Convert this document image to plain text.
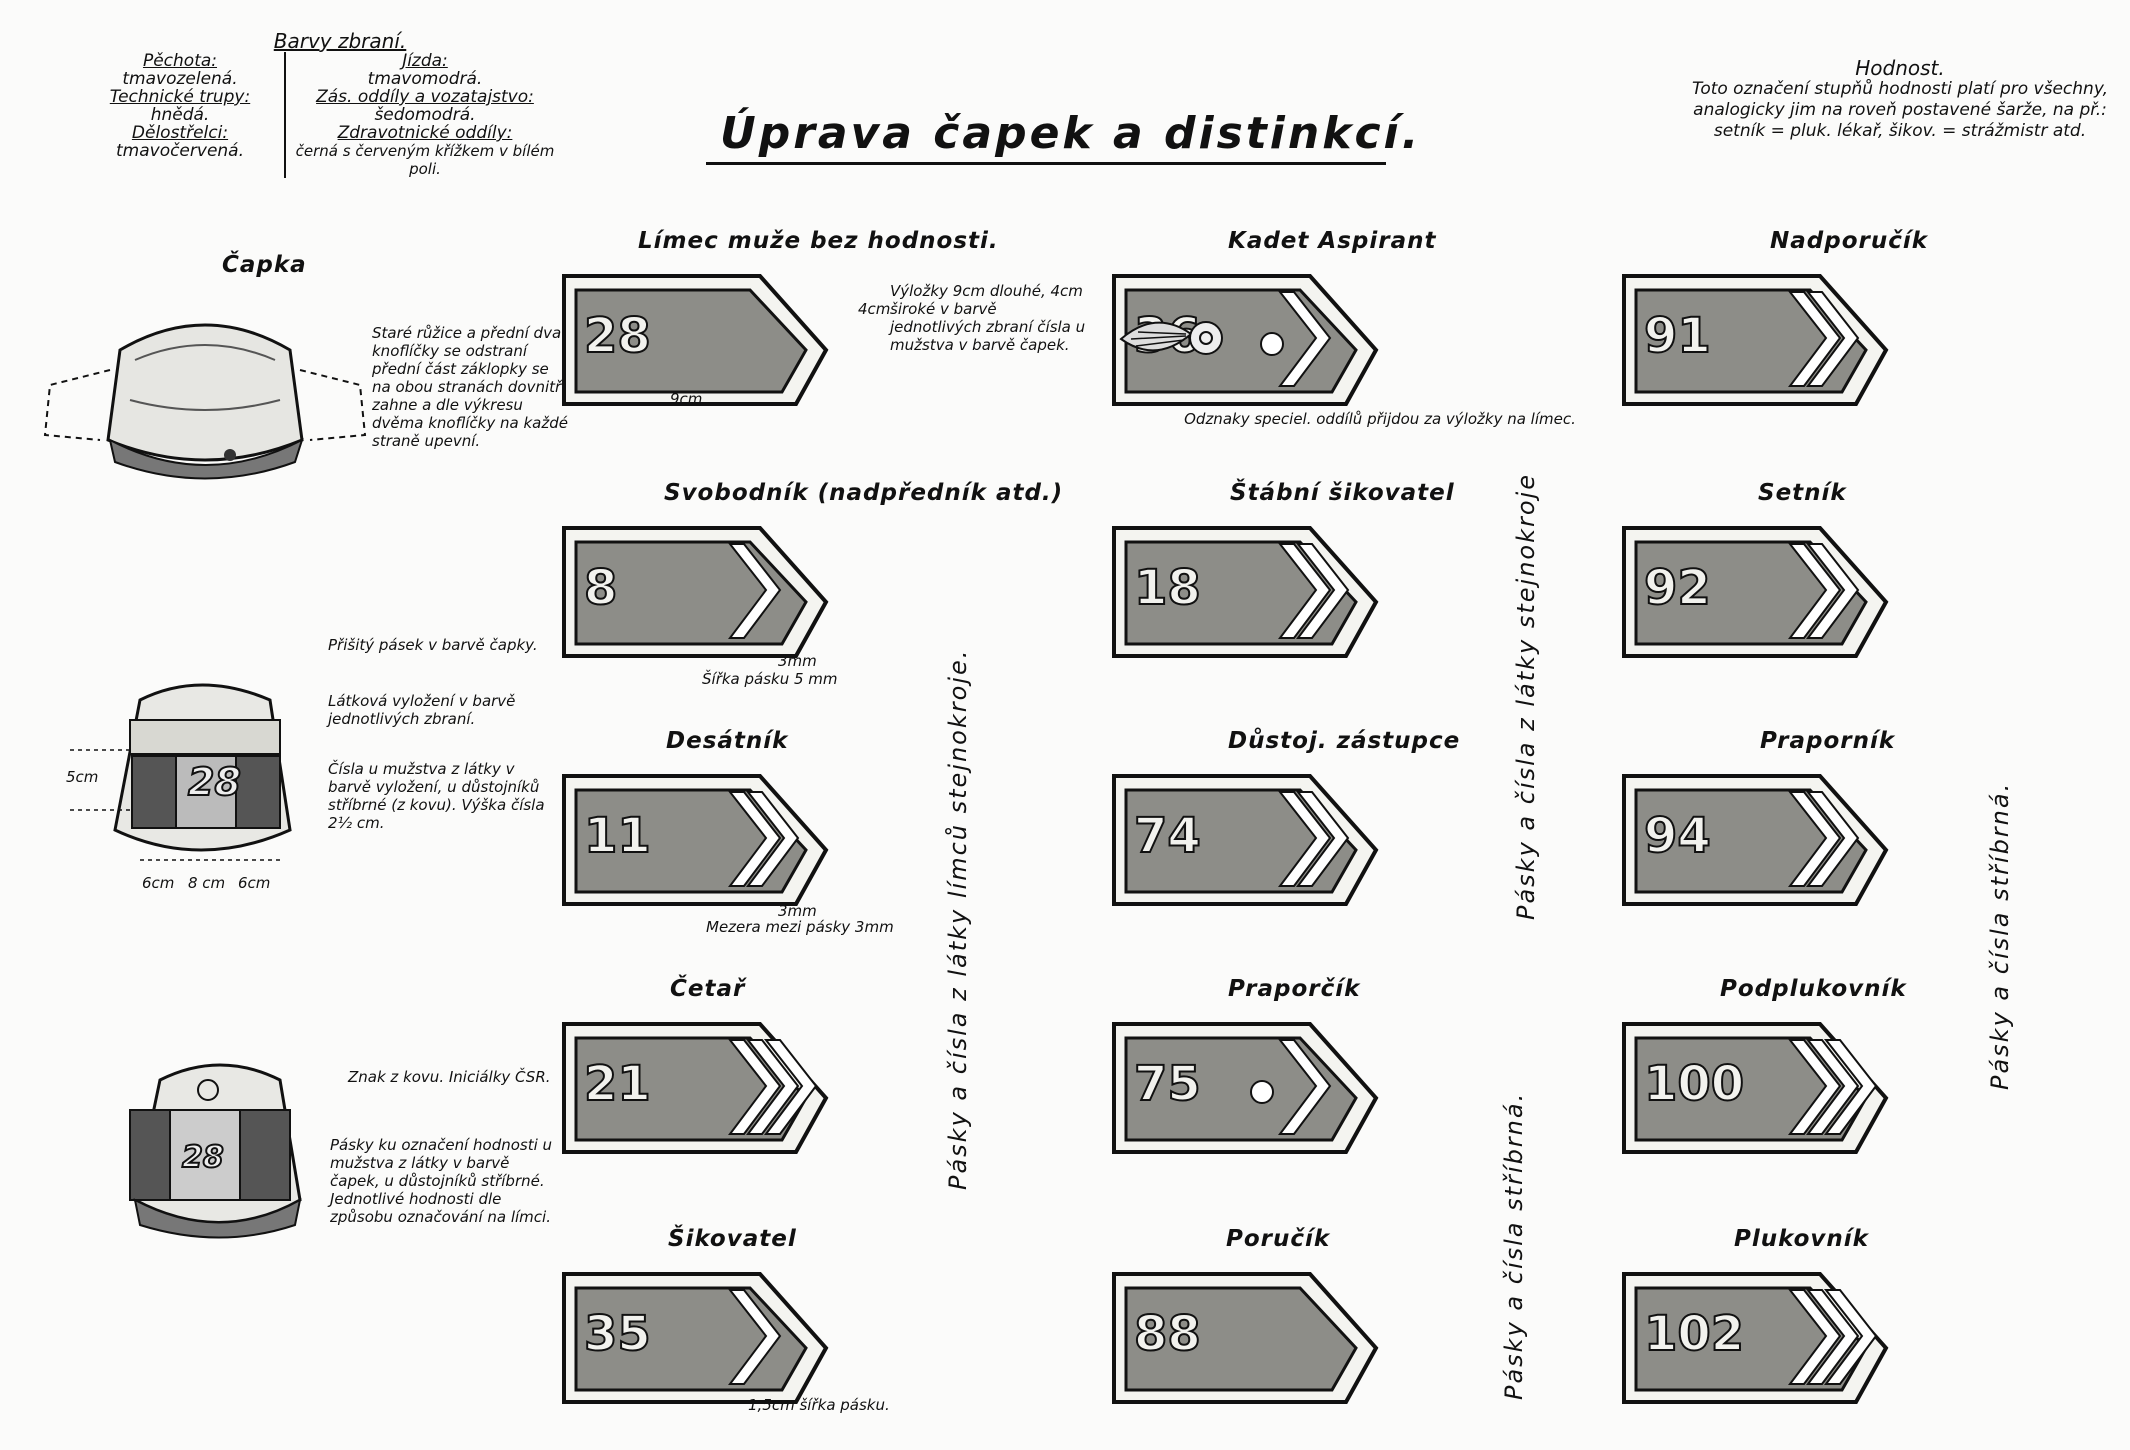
Úprava čapek a distinkcí.
Barvy zbraní.
Pěchota:
tmavozelená.
Technické trupy:
hnědá.
Dělostřelci:
tmavočervená.
Jízda:
tmavomodrá.
Zás. oddíly a vozatajstvo:
šedomodrá.
Zdravotnické oddíly:
černá s červeným křížkem v bílém poli.
Hodnost.
Toto označení stupňů hodnosti platí pro všechny, analogicky jim na roveň postavené šarže, na př.: setník = pluk. lékař, šikov. = strážmistr atd.
Čapka
Staré růžice a přední dva knoflíčky se odstraní přední část záklopky se na obou stranách dovnitř zahne a dle výkresu dvěma knoflíčky na každé straně upevní.
28
5cm
6cm 8 cm 6cm
Přišitý pásek v barvě čapky.
Látková vyložení v barvě jednotlivých zbraní.
Čísla u mužstva z látky v barvě vyložení, u důstojníků stříbrné (z kovu). Výška čísla 2½ cm.
28
Znak z kovu. Iniciálky ČSR.
Pásky ku označení hodnosti u mužstva z látky v barvě čapek, u důstojníků stříbrné. Jednotlivé hodnosti dle způsobu označování na límci.
Límec muže bez hodnosti.
28
Svobodník (nadpředník atd.)
8
Desátník
11
Četař
21
Šikovatel
35
Kadet Aspirant
Štábní šikovatel
18
Důstoj. zástupce
74
Praporčík
75
Poručík
88
Nadporučík
91
Setník
92
Praporník
94
Podplukovník
100
Plukovník
102
Výložky 9cm dlouhé, 4cm široké v barvě jednotlivých zbraní čísla u mužstva v barvě čapek.
4cm
9cm
Šířka pásku 5 mm
3mm
Mezera mezi pásky 3mm
3mm
1,5cm šířka pásku.
Odznaky speciel. oddílů přijdou za výložky na límec.
Pásky a čísla z látky límců stejnokroje.	Pásky a čísla z látky stejnokroje
Pásky a čísla stříbrná.
Pásky a čísla stříbrná.
